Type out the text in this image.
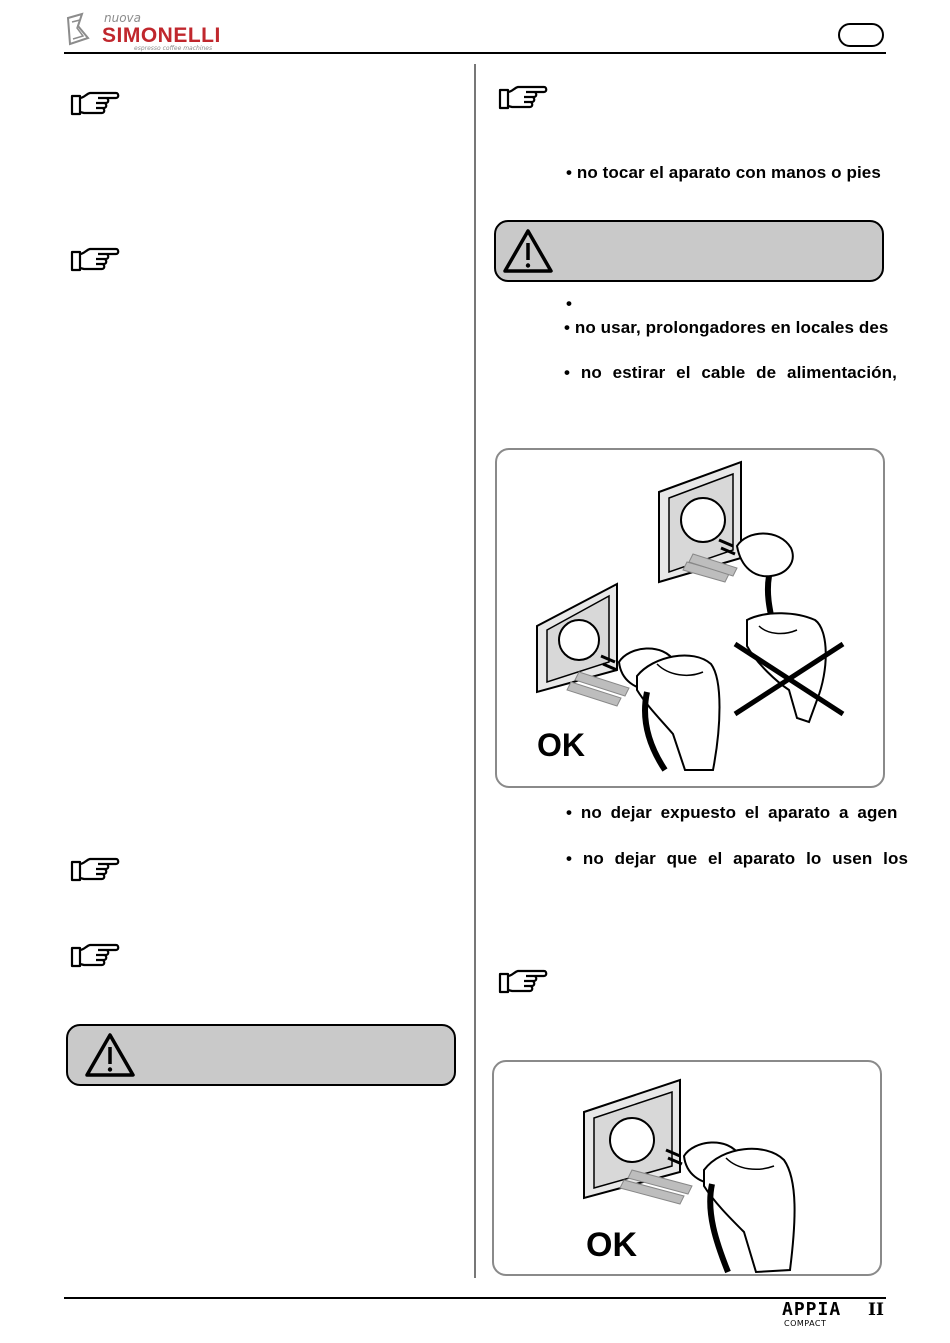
nuova
SIMONELLI
espresso coffee machines
• no tocar el aparato con manos o pies
•
• no usar, prolongadores en locales des
• no estirar el cable de alimentación,
OK
• no dejar expuesto el aparato a agen
• no dejar que el aparato lo usen los
OK
APPIA II
COMPACT
